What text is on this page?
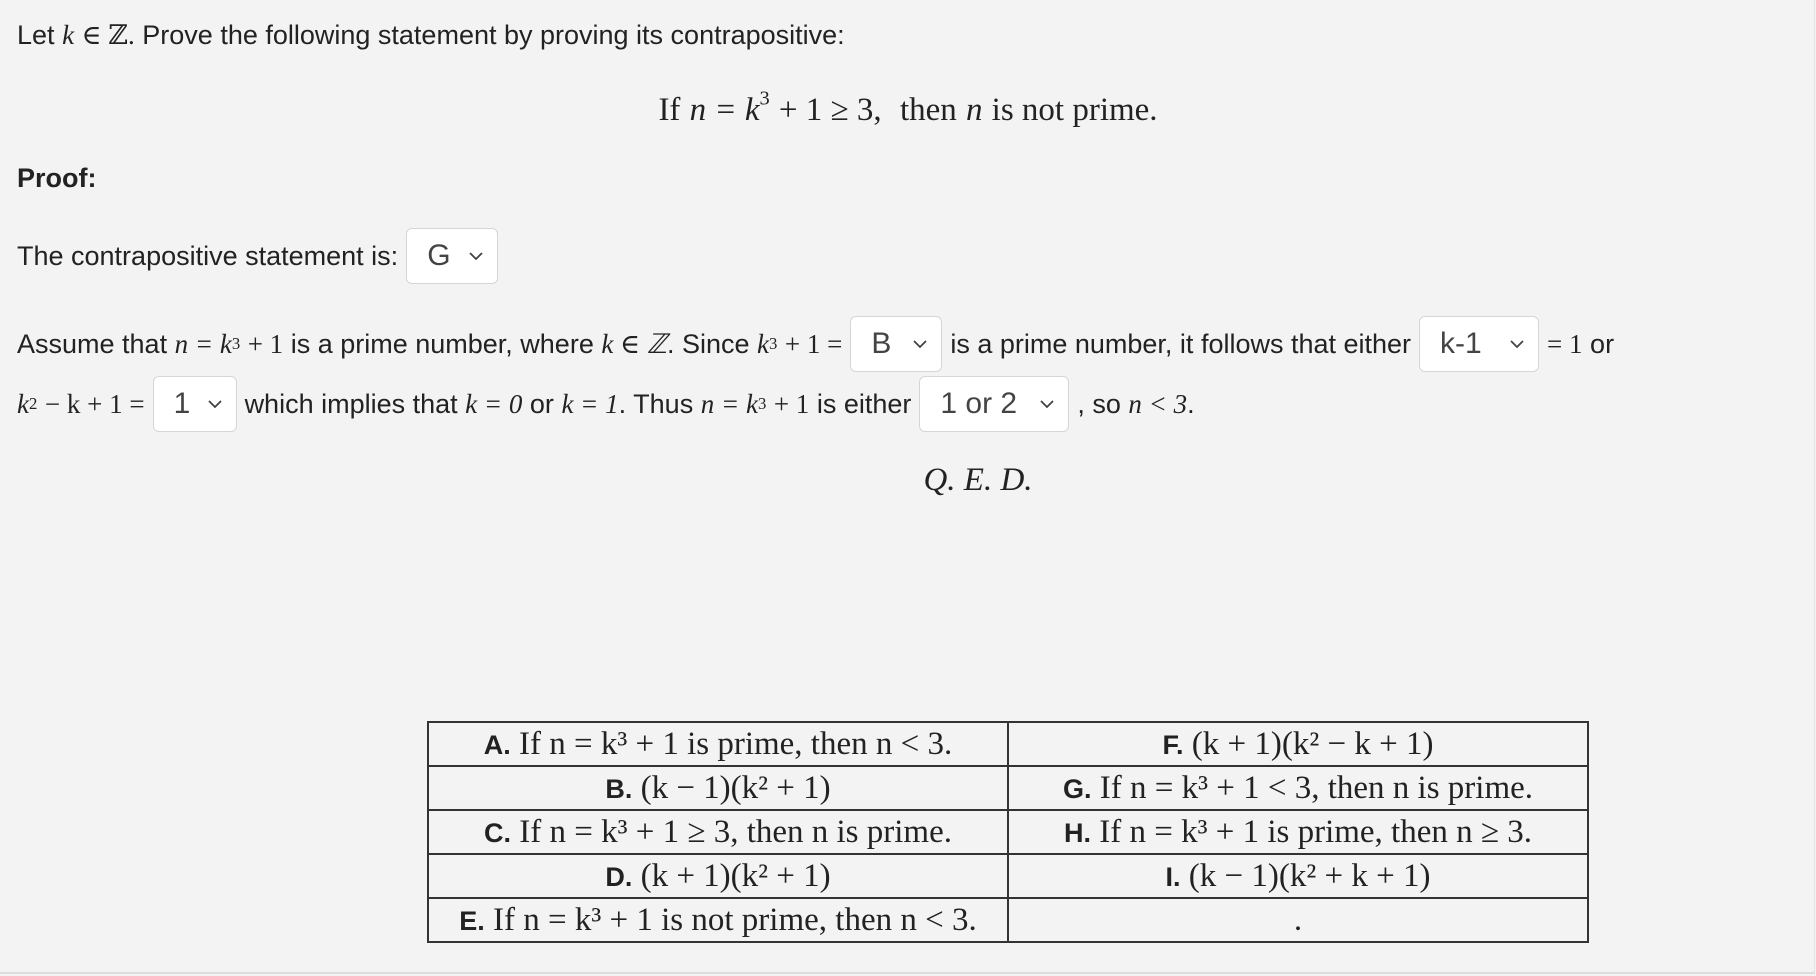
Let k ∈ ℤ. Prove the following statement by proving its contrapositive:
If $n = k^3 + 1 \ge 3$, then n is not prime.
Proof:
The contrapositive statement is: G
Assume that
n = k 3
+ 1
is a prime number, where
k ∈ ℤ . Since
k 3
+ 1 = B is a prime number, it follows that either k-1 = 1
or
k 2
− k + 1 = 1 which implies that
k = 0
or
k = 1 . Thus
n = k 3
+ 1
is either 1 or 2 , so
n < 3 .
Q. E. D.
A. If n = k³ + 1 is prime, then n < 3.	F. (k + 1)(k² − k + 1)
B. (k − 1)(k² + 1)	G. If n = k³ + 1 < 3, then n is prime.
C. If n = k³ + 1 ≥ 3, then n is prime.	H. If n = k³ + 1 is prime, then n ≥ 3.
D. (k + 1)(k² + 1)	I. (k − 1)(k² + k + 1)
E. If n = k³ + 1 is not prime, then n < 3.	.
